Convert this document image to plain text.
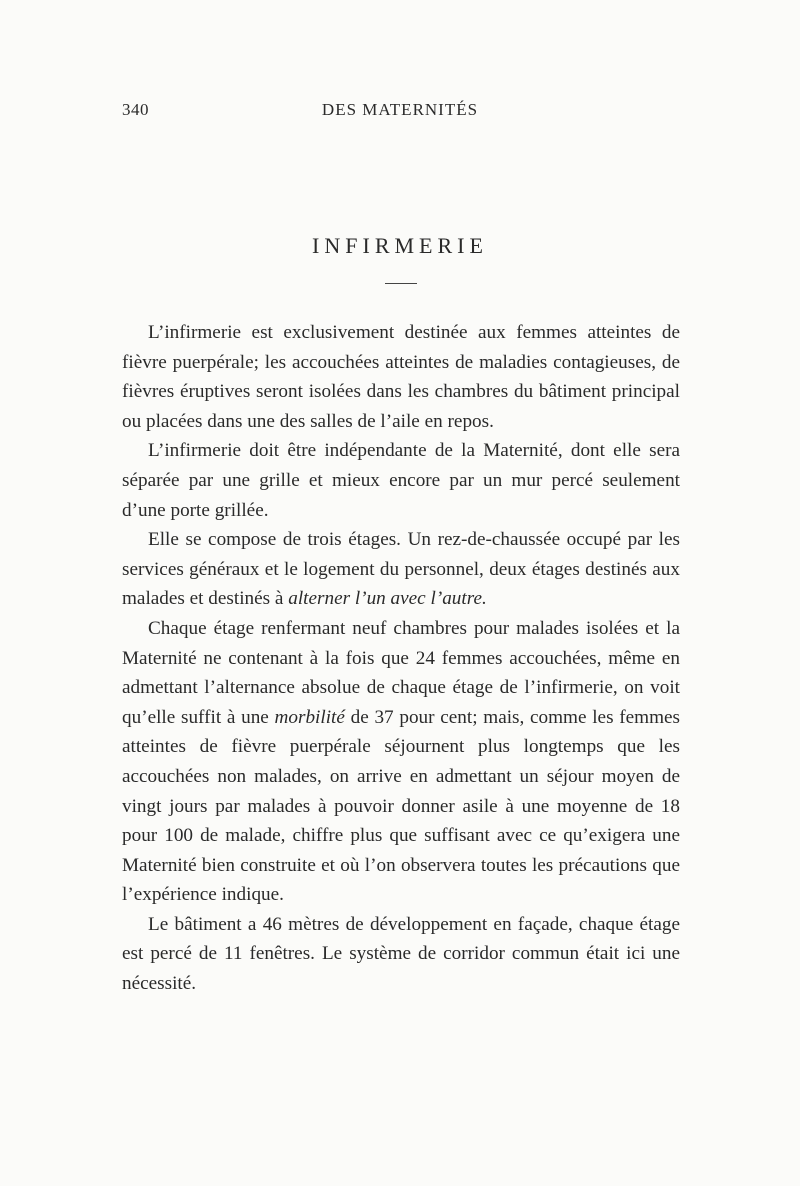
340	DES MATERNITÉS
INFIRMERIE

L’infirmerie est exclusivement destinée aux femmes atteintes de fièvre puerpérale; les accouchées atteintes de maladies contagieuses, de fièvres éruptives seront isolées dans les chambres du bâtiment principal ou placées dans une des salles de l’aile en repos.

L’infirmerie doit être indépendante de la Maternité, dont elle sera séparée par une grille et mieux encore par un mur percé seulement d’une porte grillée.

Elle se compose de trois étages. Un rez-de-chaussée occupé par les services généraux et le logement du personnel, deux étages destinés aux malades et destinés à alterner l’un avec l’autre.

Chaque étage renfermant neuf chambres pour malades isolées et la Maternité ne contenant à la fois que 24 femmes accouchées, même en admettant l’alternance absolue de chaque étage de l’infirmerie, on voit qu’elle suffit à une morbilité de 37 pour cent; mais, comme les femmes atteintes de fièvre puerpérale séjournent plus longtemps que les accouchées non malades, on arrive en admettant un séjour moyen de vingt jours par malades à pouvoir donner asile à une moyenne de 18 pour 100 de malade, chiffre plus que suffisant avec ce qu’exigera une Maternité bien construite et où l’on observera toutes les précautions que l’expérience indique.

Le bâtiment a 46 mètres de développement en façade, chaque étage est percé de 11 fenêtres. Le système de corridor commun était ici une nécessité.
